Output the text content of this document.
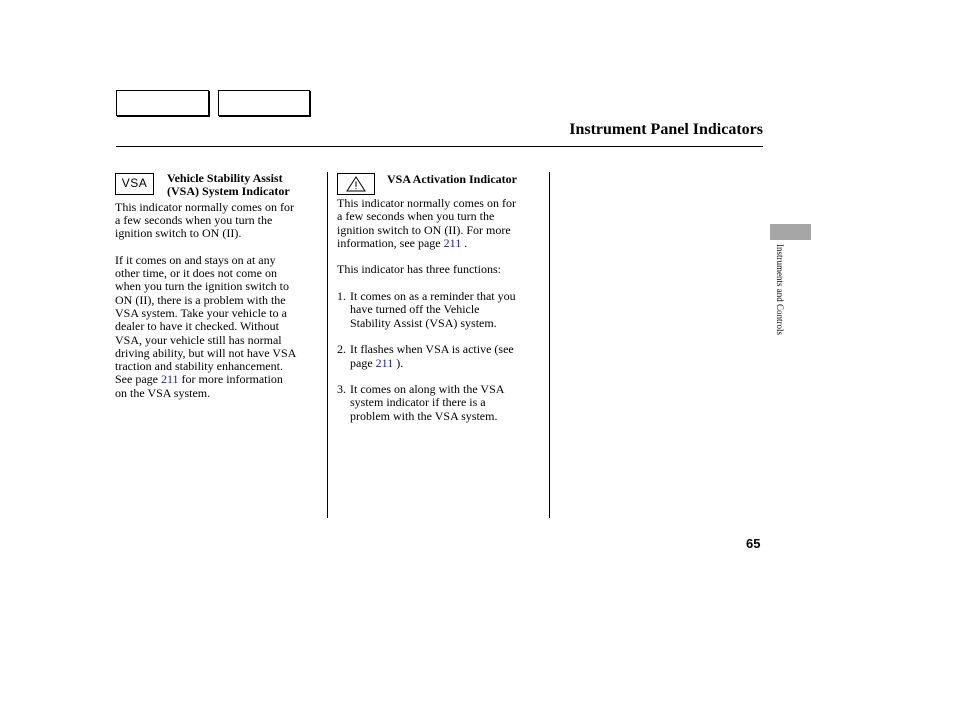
Instrument Panel Indicators
VSA	Vehicle Stability Assist
(VSA) System Indicator
This indicator normally comes on for
a few seconds when you turn the
ignition switch to ON (II).
If it comes on and stays on at any
other time, or it does not come on
when you turn the ignition switch to
ON (II), there is a problem with the
VSA system. Take your vehicle to a
dealer to have it checked. Without
VSA, your vehicle still has normal
driving ability, but will not have VSA
traction and stability enhancement.
See page 211 for more information
on the VSA system.
VSA Activation Indicator
This indicator normally comes on for
a few seconds when you turn the
ignition switch to ON (II). For more
information, see page 211 .
This indicator has three functions:
1. It comes on as a reminder that you
have turned off the Vehicle
Stability Assist (VSA) system.
2. It flashes when VSA is active (see
page 211 ).
3. It comes on along with the VSA
system indicator if there is a
problem with the VSA system.
Instruments and Controls
65
